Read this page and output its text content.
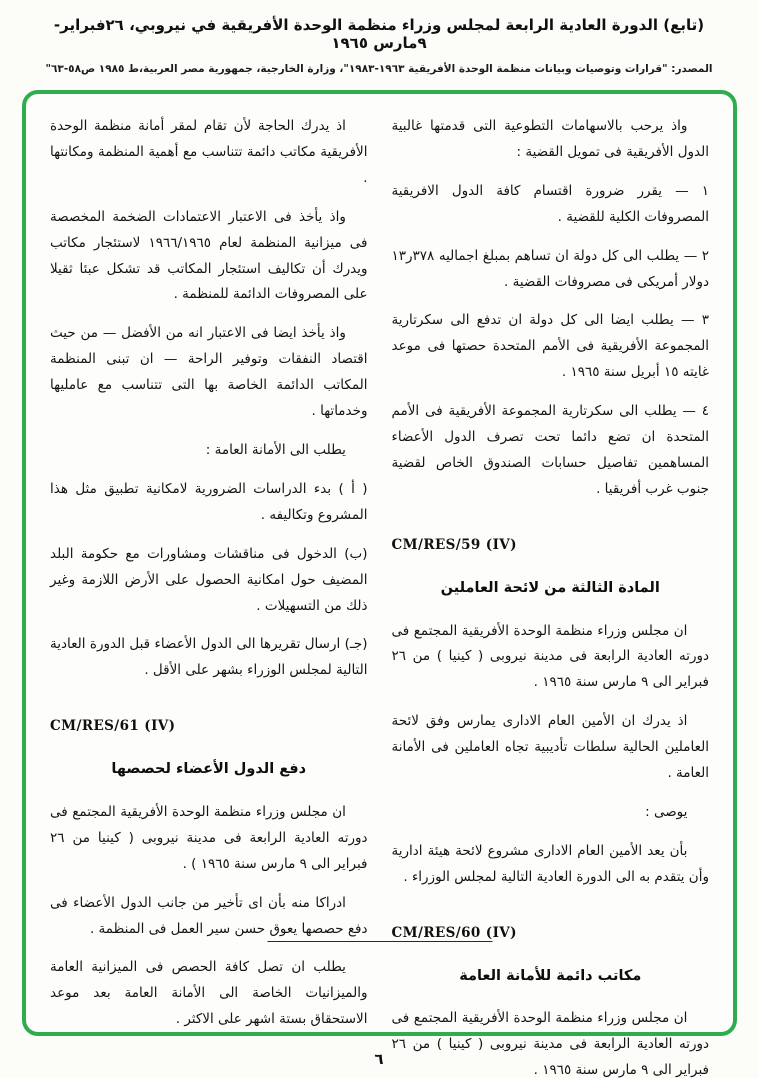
(تابع) الدورة العادية الرابعة لمجلس وزراء منظمة الوحدة الأفريقية في نيروبي، ٢٦فبراير- ٩مارس ١٩٦٥
المصدر: "قرارات وتوصيات وبيانات منظمة الوحدة الأفريقية ١٩٦٣-١٩٨٣"، وزارة الخارجية، جمهورية مصر العربية،ط ١٩٨٥ ص٥٨-٦٣"

واذ يرحب بالاسهامات التطوعية التى قدمتها غالبية الدول الأفريقية فى تمويل القضية :

١ — يقرر ضرورة اقتسام كافة الدول الافريقية المصروفات الكلية للقضية .

٢ — يطلب الى كل دولة ان تساهم بمبلغ اجماليه ٣٧٨ر١٣ دولار أمريكى فى مصروفات القضية .

٣ — يطلب ايضا الى كل دولة ان تدفع الى سكرتارية المجموعة الأفريقية فى الأمم المتحدة حصتها فى موعد غايته ١٥ أبريل سنة ١٩٦٥ .

٤ — يطلب الى سكرتارية المجموعة الأفريقية فى الأمم المتحدة ان تضع دائما تحت تصرف الدول الأعضاء المساهمين تفاصيل حسابات الصندوق الخاص لقضية جنوب غرب أفريقيا .

CM/RES/59 (IV)
المادة الثالثة من لائحة العاملين

ان مجلس وزراء منظمة الوحدة الأفريقية المجتمع فى دورته العادية الرابعة فى مدينة نيروبى ( كينيا ) من ٢٦ فبراير الى ٩ مارس سنة ١٩٦٥ .

اذ يدرك ان الأمين العام الادارى يمارس وفق لائحة العاملين الحالية سلطات تأديبية تجاه العاملين فى الأمانة العامة .

يوصى :

بأن يعد الأمين العام الادارى مشروع لائحة هيئة ادارية وأن يتقدم به الى الدورة العادية التالية لمجلس الوزراء .

CM/RES/60 (IV)
مكاتب دائمة للأمانة العامة

ان مجلس وزراء منظمة الوحدة الأفريقية المجتمع فى دورته العادية الرابعة فى مدينة نيروبى ( كينيا ) من ٢٦ فبراير الى ٩ مارس سنة ١٩٦٥ .

اذ يدرك الحاجة لأن تقام لمقر أمانة منظمة الوحدة الأفريقية مكاتب دائمة تتناسب مع أهمية المنظمة ومكانتها .

واذ يأخذ فى الاعتبار الاعتمادات الضخمة المخصصة فى ميزانية المنظمة لعام ١٩٦٦/١٩٦٥ لاستئجار مكاتب ويدرك أن تكاليف استئجار المكاتب قد تشكل عبئا ثقيلا على المصروفات الدائمة للمنظمة .

واذ يأخذ ايضا فى الاعتبار انه من الأفضل — من حيث اقتصاد النفقات وتوفير الراحة — ان تبنى المنظمة المكاتب الدائمة الخاصة بها التى تتناسب مع عامليها وخدماتها .

يطلب الى الأمانة العامة :

( أ ) بدء الدراسات الضرورية لامكانية تطبيق مثل هذا المشروع وتكاليفه .

(ب) الدخول فى مناقشات ومشاورات مع حكومة البلد المضيف حول امكانية الحصول على الأرض اللازمة وغير ذلك من التسهيلات .

(جـ) ارسال تقريرها الى الدول الأعضاء قبل الدورة العادية التالية لمجلس الوزراء بشهر على الأقل .

CM/RES/61 (IV)
دفع الدول الأعضاء لحصصها

ان مجلس وزراء منظمة الوحدة الأفريقية المجتمع فى دورته العادية الرابعة فى مدينة نيروبى ( كينيا من ٢٦ فبراير الى ٩ مارس سنة ١٩٦٥ ) .

ادراكا منه بأن اى تأخير من جانب الدول الأعضاء فى دفع حصصها يعوق حسن سير العمل فى المنظمة .

يطلب ان تصل كافة الحصص فى الميزانية العامة والميزانيات الخاصة الى الأمانة العامة بعد موعد الاستحقاق بستة اشهر على الاكثر .

٦
